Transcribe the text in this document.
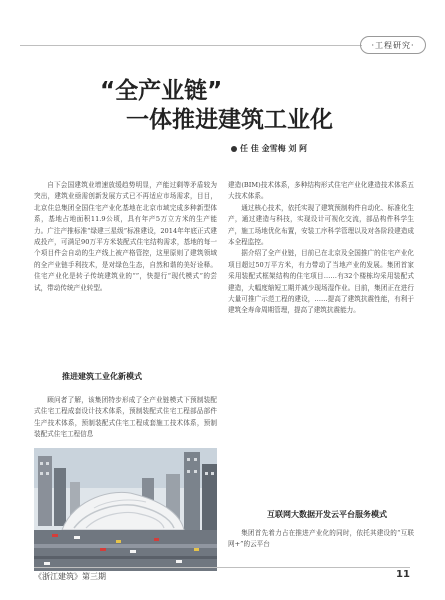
·工程研究·
“全产业链”
一体推进建筑工业化
任 佳 金雪梅 刘 阿

自下会国建筑业增速放缓趋势明显，产能过剩等矛盾较为突出，建筑业亟需创新发展方式已不再适应市场需求，目目，北京住总集团全国住宅产业化基地在北京市域完成多种新型体系，基地占地面积11.9公顷，具有年产5万立方米的生产能力。广注产推标准“绿建三星级”标准建设，2014年年底正式建成投产，可满足90万平方米装配式住宅结构需求，基地的每一个项目件会自动的生产线上被产格管控，这里原则了建筑领域的全产业链手利技术，是对绿色生态，自然和谐的美好诠释。住宅产业化是转子传统建筑业的“”，快提行“现代模式”的尝试，带动传统产业转型。

推进建筑工业化新模式

顾问者了解，该集团特步形成了全产业链模式下预制装配式住宅工程成套设计技术体系，预制装配式住宅工程部品部件生产技术体系，预制装配式住宅工程成套施工技术体系，预制装配式住宅工程信息

建造(BIM)技术体系，多种结构形式住宅产业化建造技术体系五大技术体系。

通过核心技术，依托实现了建筑预制构件自动化、标准化生产，通过建造与科技，实现设计可视化交流，部品构件科学生产，施工场地优化布置，安装工序科学管理以及对各阶段建造成本全程监控。

据介绍了全产业链，目前已在北京及全国推广的住宅产业化项目超过50万平方米，有力带动了当地产业的发展。集团首家采用装配式框架结构的住宅项目……有32个楼栋均采用装配式建造，大幅度缩短工期并减少现场湿作业。目前，集团正在进行大量可推广示范工程的建设，……提高了建筑抗震性能，有利于建筑全寿命周期管理，提高了建筑抗震能力。

互联网大数据开发云平台服务模式

集团首先着力占在推进产业化的同时，依托其建设的“互联网+”的云平台

《浙江建筑》第三期	11
